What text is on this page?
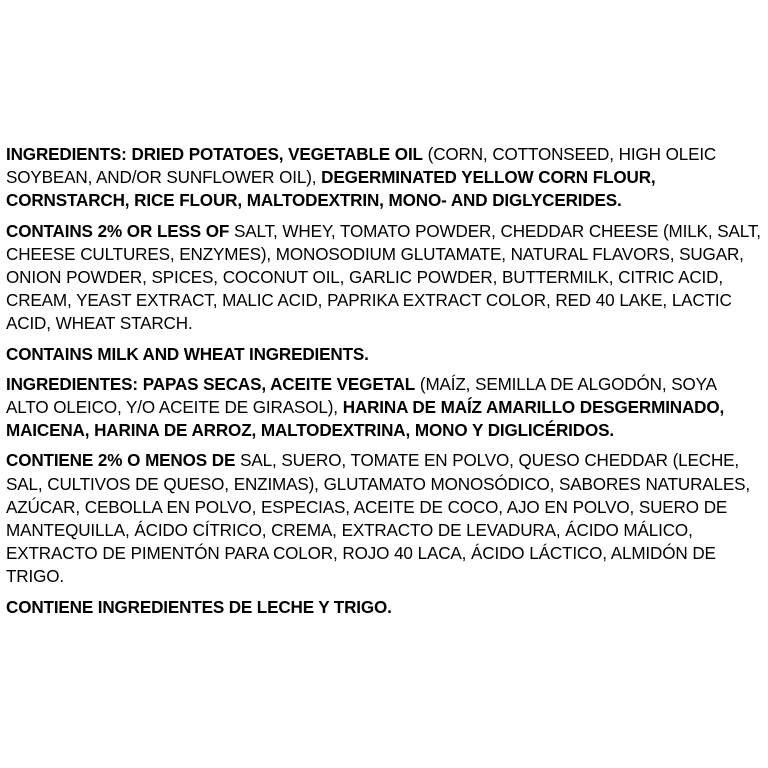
INGREDIENTS: DRIED POTATOES, VEGETABLE OIL (CORN, COTTONSEED, HIGH OLEIC SOYBEAN, AND/OR SUNFLOWER OIL), DEGERMINATED YELLOW CORN FLOUR, CORNSTARCH, RICE FLOUR, MALTODEXTRIN, MONO- AND DIGLYCERIDES.

CONTAINS 2% OR LESS OF SALT, WHEY, TOMATO POWDER, CHEDDAR CHEESE (MILK, SALT, CHEESE CULTURES, ENZYMES), MONOSODIUM GLUTAMATE, NATURAL FLAVORS, SUGAR, ONION POWDER, SPICES, COCONUT OIL, GARLIC POWDER, BUTTERMILK, CITRIC ACID, CREAM, YEAST EXTRACT, MALIC ACID, PAPRIKA EXTRACT COLOR, RED 40 LAKE, LACTIC ACID, WHEAT STARCH.

CONTAINS MILK AND WHEAT INGREDIENTS.

INGREDIENTES: PAPAS SECAS, ACEITE VEGETAL (MAÍZ, SEMILLA DE ALGODÓN, SOYA ALTO OLEICO, Y/O ACEITE DE GIRASOL), HARINA DE MAÍZ AMARILLO DESGERMINADO, MAICENA, HARINA DE ARROZ, MALTODEXTRINA, MONO Y DIGLICÉRIDOS.

CONTIENE 2% O MENOS DE SAL, SUERO, TOMATE EN POLVO, QUESO CHEDDAR (LECHE, SAL, CULTIVOS DE QUESO, ENZIMAS), GLUTAMATO MONOSÓDICO, SABORES NATURALES, AZÚCAR, CEBOLLA EN POLVO, ESPECIAS, ACEITE DE COCO, AJO EN POLVO, SUERO DE MANTEQUILLA, ÁCIDO CÍTRICO, CREMA, EXTRACTO DE LEVADURA, ÁCIDO MÁLICO, EXTRACTO DE PIMENTÓN PARA COLOR, ROJO 40 LACA, ÁCIDO LÁCTICO, ALMIDÓN DE TRIGO.

CONTIENE INGREDIENTES DE LECHE Y TRIGO.
